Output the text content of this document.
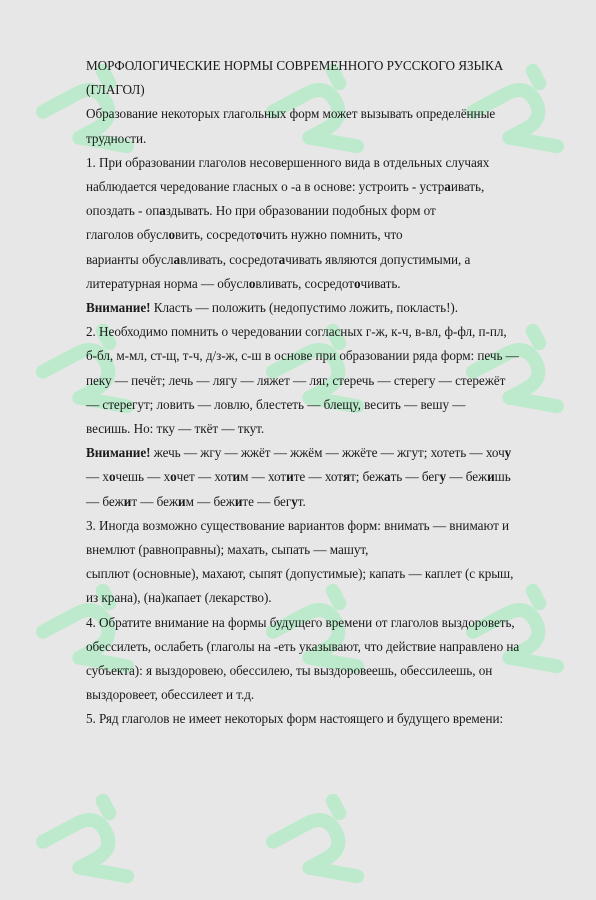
МОРФОЛОГИЧЕСКИЕ НОРМЫ СОВРЕМЕННОГО РУССКОГО ЯЗЫКА
(ГЛАГОЛ)
Образование некоторых глагольных форм может вызывать определённые
трудности.
1. При образовании глаголов несовершенного вида в отдельных случаях
наблюдается чередование гласных о -а в основе: устроить - устраивать,
опоздать - опаздывать. Но при образовании подобных форм от
глаголов обусловить, сосредоточить нужно помнить, что
варианты обуславливать, сосредотачивать являются допустимыми, а
литературная норма — обусловливать, сосредоточивать.
Внимание! Класть — положить (недопустимо ложить, покласть!).
2. Необходимо помнить о чередовании согласных г-ж, к-ч, в-вл, ф-фл, п-пл,
б-бл, м-мл, ст-щ, т-ч, д/з-ж, с-ш в основе при образовании ряда форм: печь —
пеку — печёт; лечь — лягу — ляжет — ляг, стеречь — стерегу — стережёт
— стерегут; ловить — ловлю, блестеть — блещу, весить — вешу —
весишь. Но: тку — ткёт — ткут.
Внимание! жечь — жгу — жжёт — жжём — жжёте — жгут; хотеть — хочу
— хочешь — хочет — хотим — хотите — хотят; бежать — бегу — бежишь
— бежит — бежим — бежите — бегут.
3. Иногда возможно существование вариантов форм: внимать — внимают и
внемлют (равноправны); махать, сыпать — машут,
сыплют (основные), махают, сыпят (допустимые); капать — каплет (с крыш,
из крана), (на)капает (лекарство).
4. Обратите внимание на формы будущего времени от глаголов выздороветь,
обессилеть, ослабеть (глаголы на -еть указывают, что действие направлено на
субъекта): я выздоровею, обессилею, ты выздоровеешь, обессилеешь, он
выздоровеет, обессилеет и т.д.
5. Ряд глаголов не имеет некоторых форм настоящего и будущего времени:
